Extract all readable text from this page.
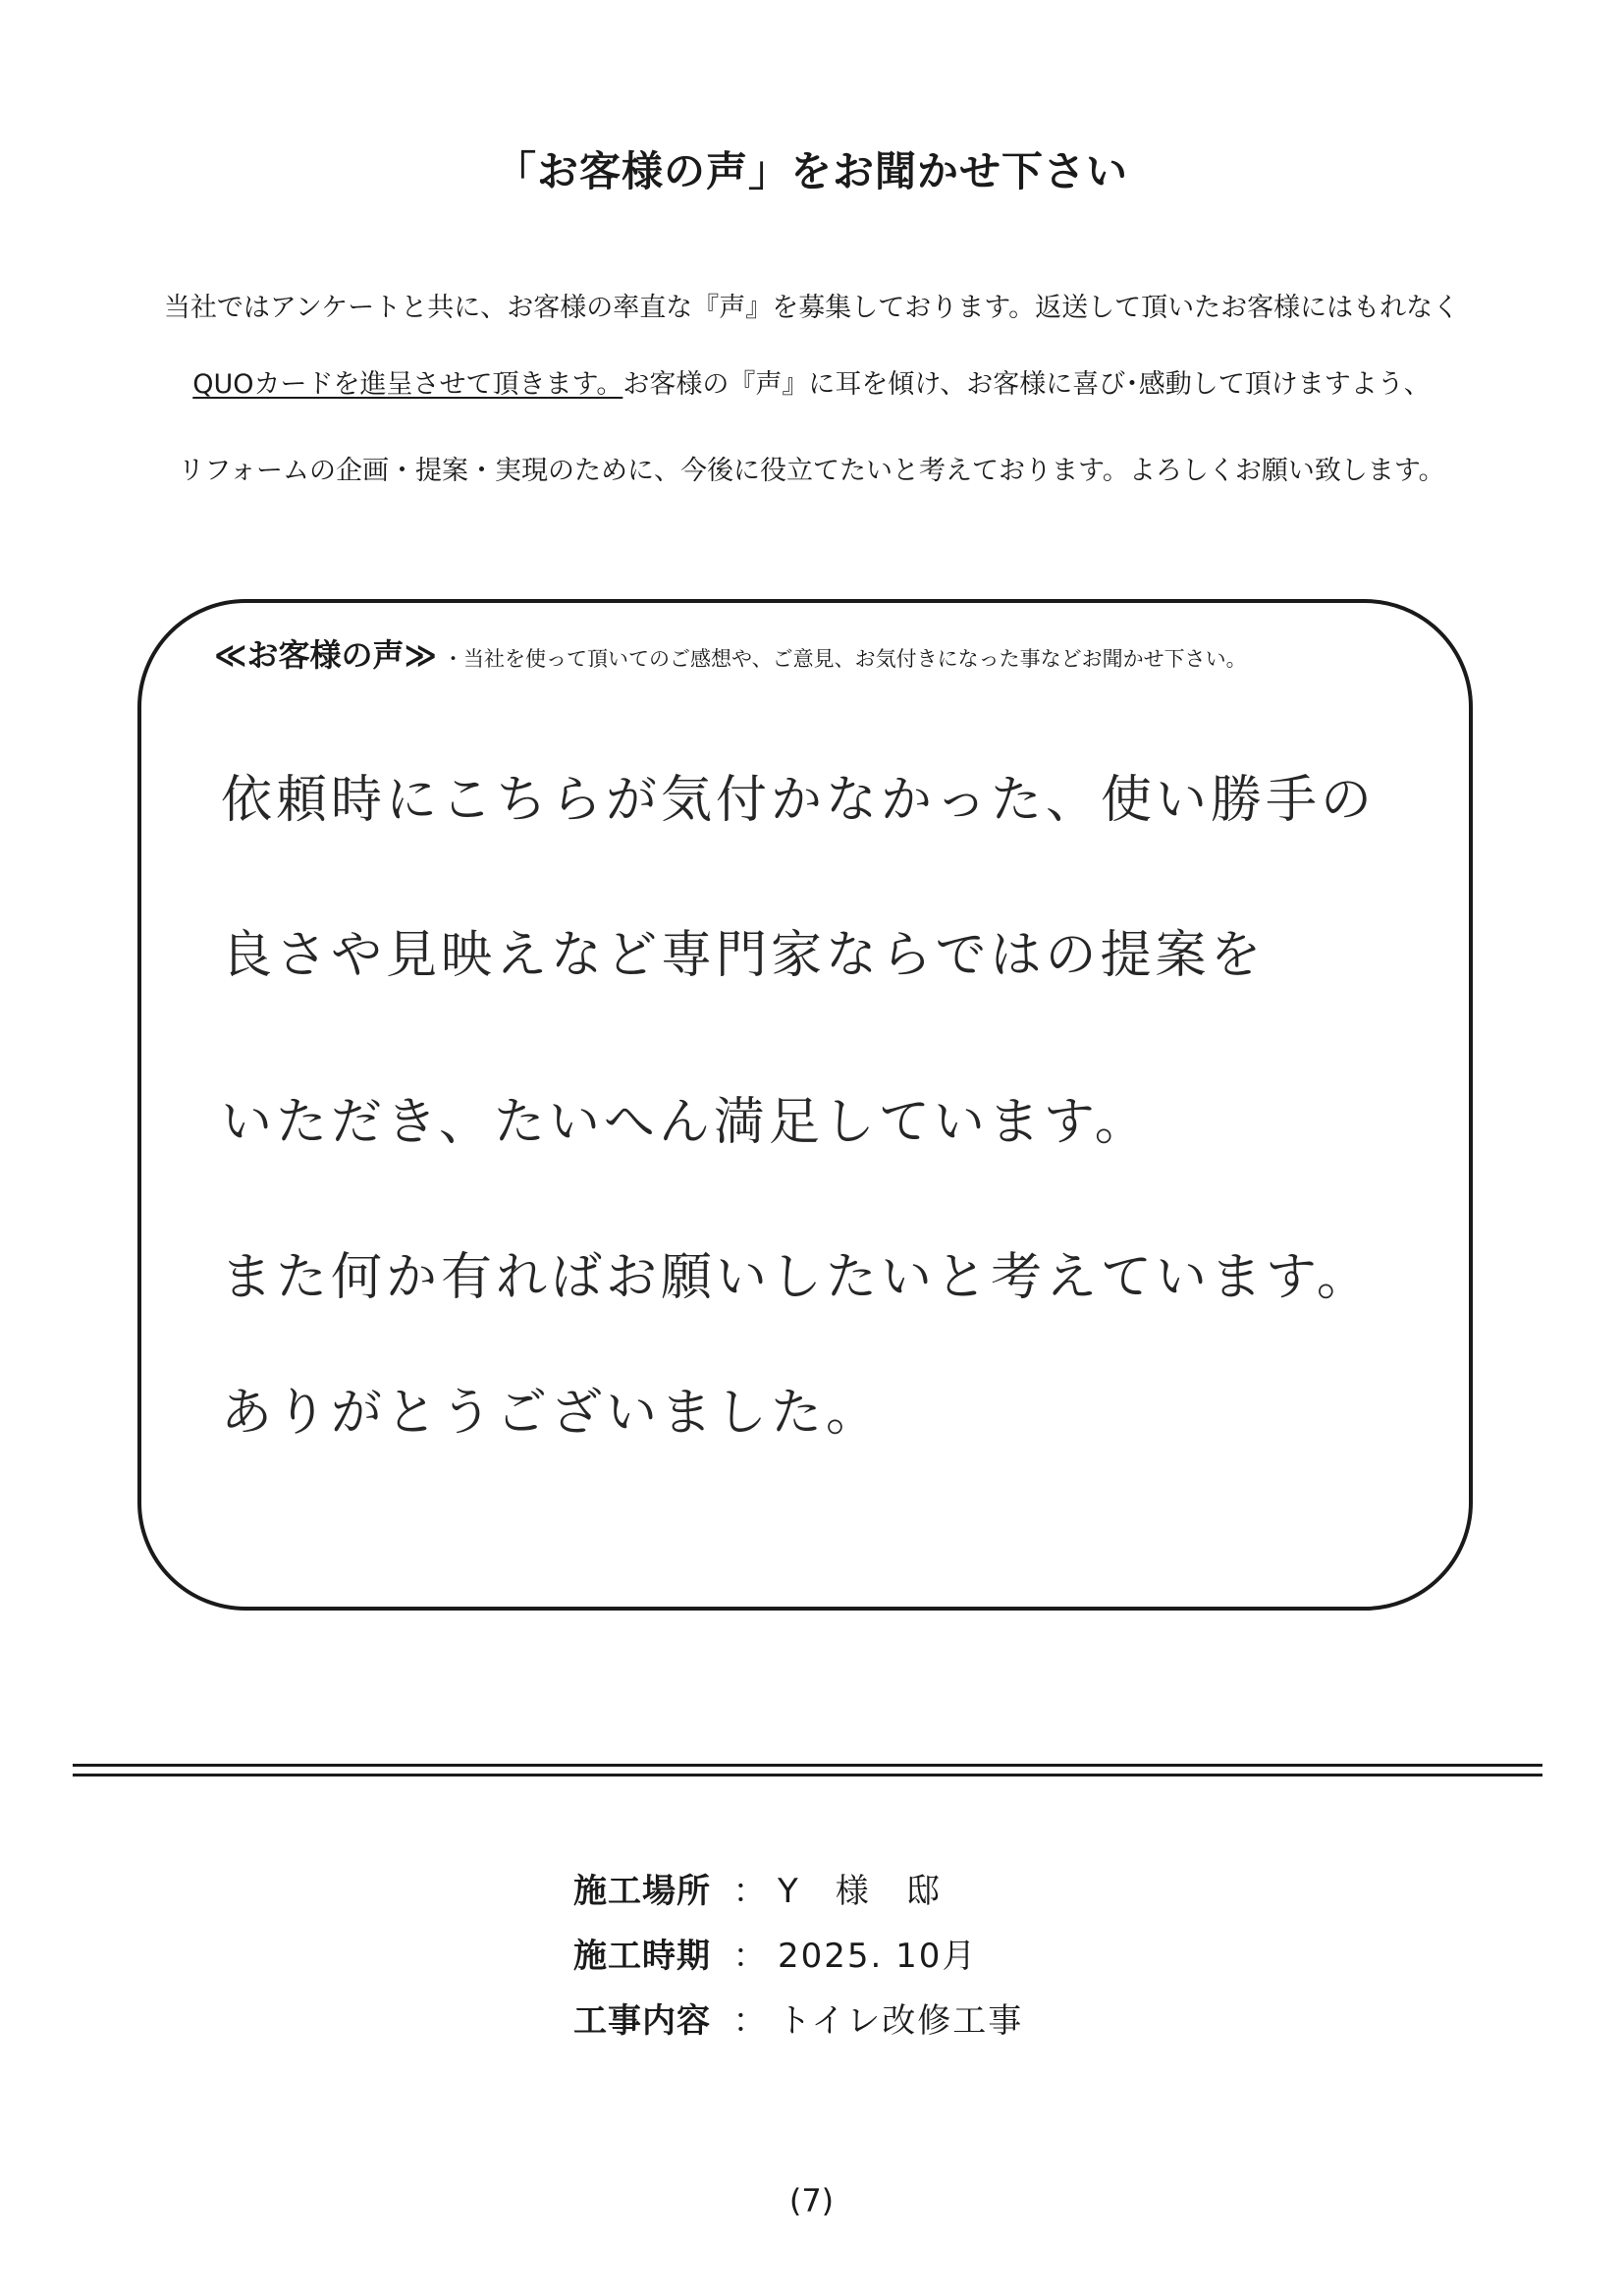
「お客様の声」をお聞かせ下さい
当社ではアンケートと共に、お客様の率直な『声』を募集しております。返送して頂いたお客様にはもれなく
QUOカードを進呈させて頂きます。お客様の『声』に耳を傾け、お客様に喜び･感動して頂けますよう、
リフォームの企画・提案・実現のために、今後に役立てたいと考えております。よろしくお願い致します。
≪お客様の声≫ ・当社を使って頂いてのご感想や、ご意見、お気付きになった事などお聞かせ下さい。
依頼時にこちらが気付かなかった、使い勝手の
良さや見映えなど専門家ならではの提案を
いただき、たいへん満足しています。
また何か有ればお願いしたいと考えています。
ありがとうございました。
施工場所 ： Y　様　邸
施工時期 ： 2025. 10月
工事内容 ： トイレ改修工事
(7)
